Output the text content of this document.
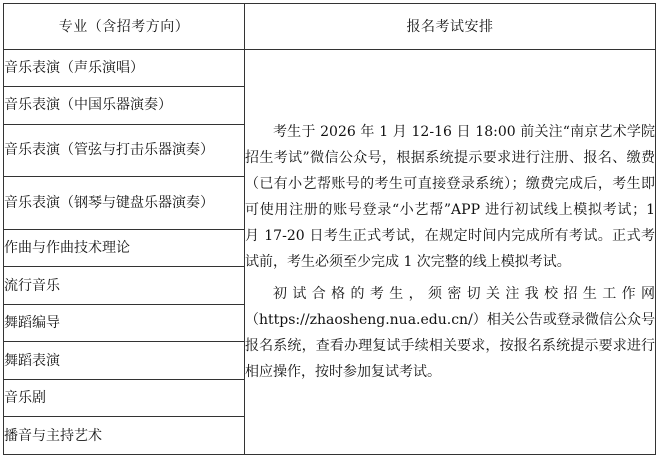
专业（含招考方向）	报名考试安排
音乐表演（声乐演唱）	考生于 2026 年 1 月 12-16 日 18:00 前关注“南京艺术学院招生考试”微信公众号，根据系统提示要求进行注册、报名、缴费（已有小艺帮账号的考生可直接登录系统）；缴费完成后，考生即可使用注册的账号登录“小艺帮”APP 进行初试线上模拟考试；1 月 17-20 日考生正式考试，在规定时间内完成所有考试。正式考试前，考生必须至少完成 1 次完整的线上模拟考试。

初试合格的考生，须密切关注我校招生工作网（https://zhaosheng.nua.edu.cn/）相关公告或登录微信公众号报名系统，查看办理复试手续相关要求，按报名系统提示要求进行相应操作，按时参加复试考试。

音乐表演（中国乐器演奏）	
音乐表演（管弦与打击乐器演奏）	
音乐表演（钢琴与键盘乐器演奏）	
作曲与作曲技术理论	
流行音乐	
舞蹈编导	
舞蹈表演	
音乐剧	
播音与主持艺术	
